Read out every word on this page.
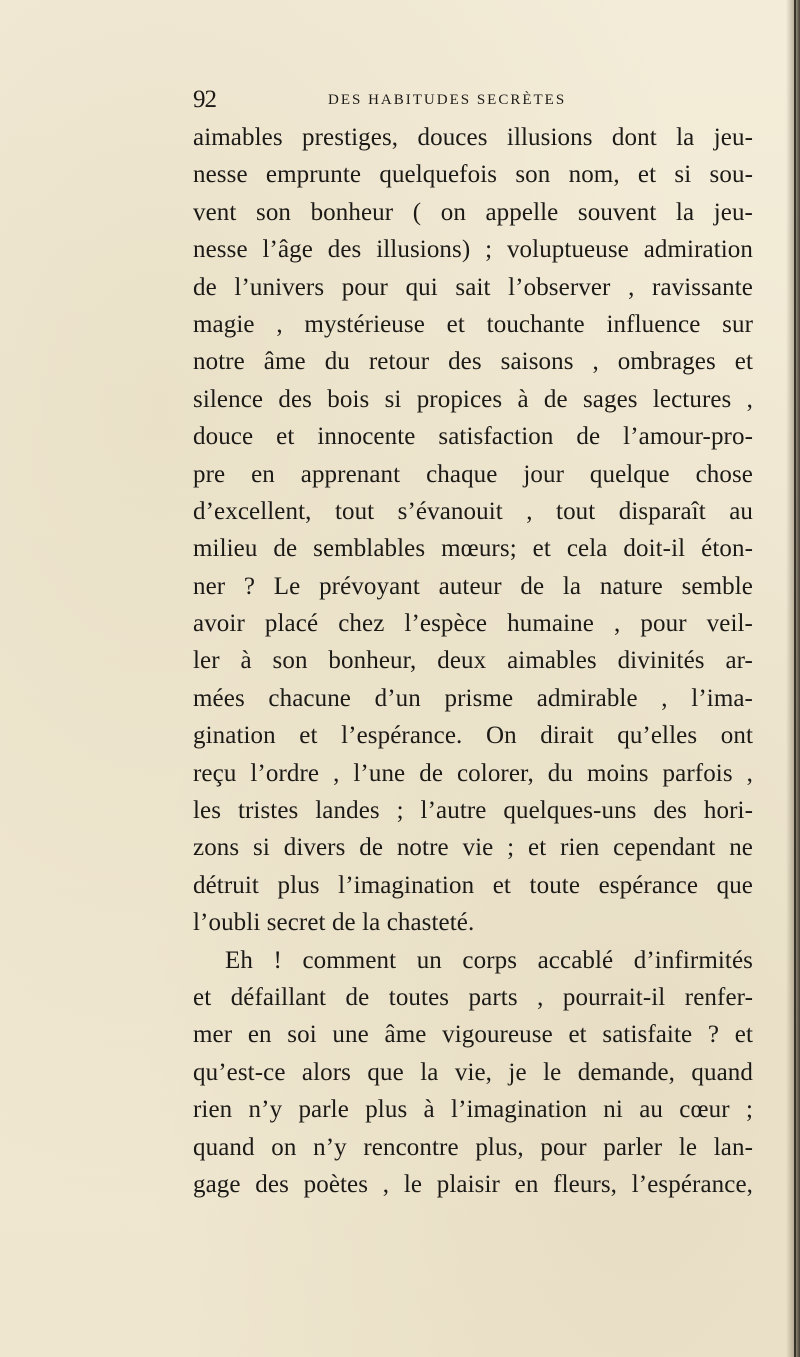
92	DES HABITUDES SECRÈTES
aimables prestiges, douces illusions dont la jeu-
nesse emprunte quelquefois son nom, et si sou-
vent son bonheur ( on appelle souvent la jeu-
nesse l’âge des illusions) ; voluptueuse admiration
de l’univers pour qui sait l’observer , ravissante
magie , mystérieuse et touchante influence sur
notre âme du retour des saisons , ombrages et
silence des bois si propices à de sages lectures ,
douce et innocente satisfaction de l’amour-pro-
pre en apprenant chaque jour quelque chose
d’excellent, tout s’évanouit , tout disparaît au
milieu de semblables mœurs; et cela doit-il éton-
ner ? Le prévoyant auteur de la nature semble
avoir placé chez l’espèce humaine , pour veil-
ler à son bonheur, deux aimables divinités ar-
mées chacune d’un prisme admirable , l’ima-
gination et l’espérance. On dirait qu’elles ont
reçu l’ordre , l’une de colorer, du moins parfois ,
les tristes landes ; l’autre quelques-uns des hori-
zons si divers de notre vie ; et rien cependant ne
détruit plus l’imagination et toute espérance que
l’oubli secret de la chasteté.
Eh ! comment un corps accablé d’infirmités
et défaillant de toutes parts , pourrait-il renfer-
mer en soi une âme vigoureuse et satisfaite ? et
qu’est-ce alors que la vie, je le demande, quand
rien n’y parle plus à l’imagination ni au cœur ;
quand on n’y rencontre plus, pour parler le lan-
gage des poètes , le plaisir en fleurs, l’espérance,
